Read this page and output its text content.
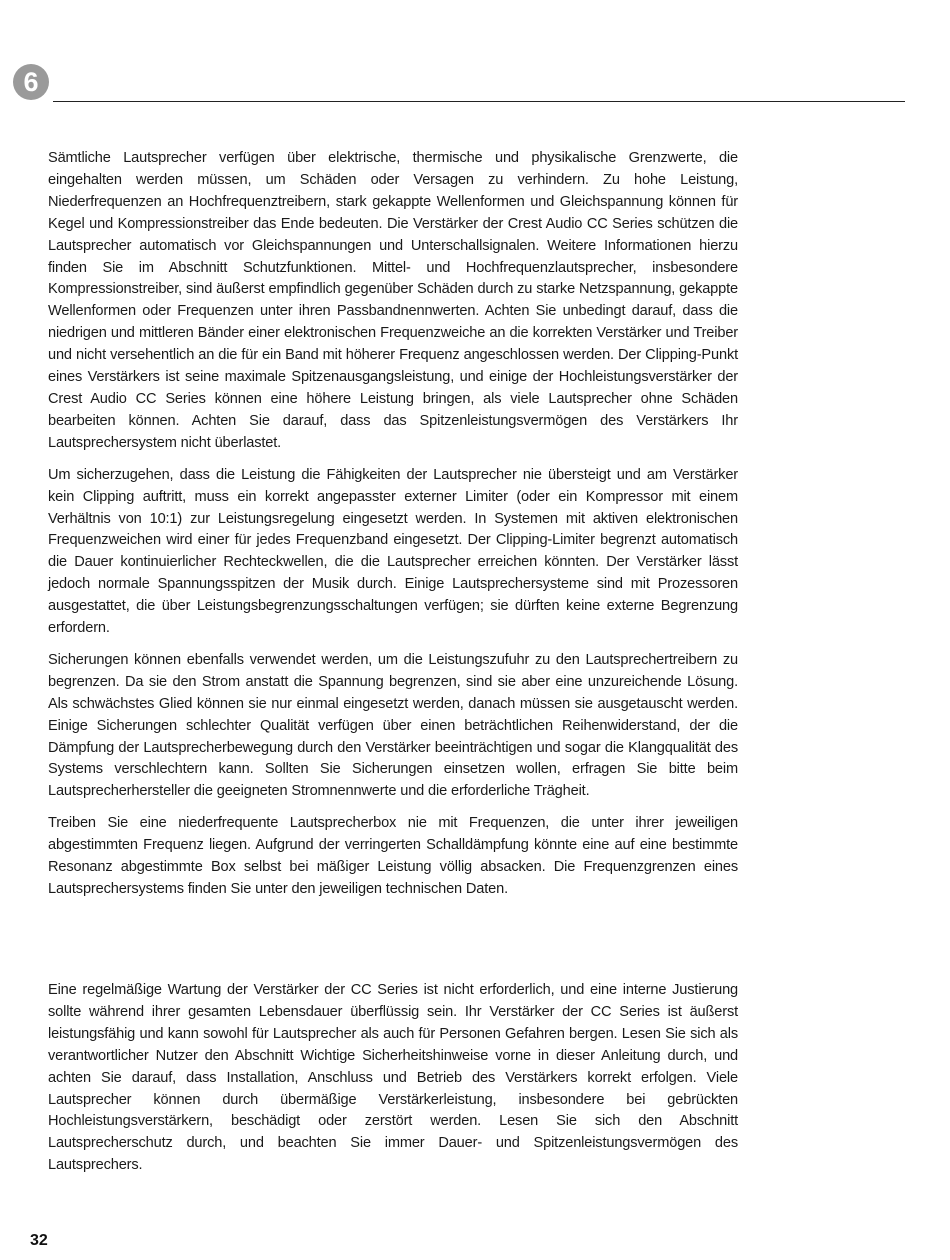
6

Sämtliche Lautsprecher verfügen über elektrische, thermische und physikalische Grenzwerte, die eingehalten werden müssen, um Schäden oder Versagen zu verhindern. Zu hohe Leistung, Niederfrequenzen an Hochfrequenztreibern, stark gekappte Wellenformen und Gleichspannung können für Kegel und Kompressionstreiber das Ende bedeuten. Die Verstärker der Crest Audio CC Series schützen die Lautsprecher automatisch vor Gleichspannungen und Unterschallsignalen. Weitere Informationen hierzu finden Sie im Abschnitt Schutzfunktionen. Mittel- und Hochfrequenzlautsprecher, insbesondere Kompressionstreiber, sind äußerst empfindlich gegenüber Schäden durch zu starke Netzspannung, gekappte Wellenformen oder Frequenzen unter ihren Passbandnennwerten. Achten Sie unbedingt darauf, dass die niedrigen und mittleren Bänder einer elektronischen Frequenzweiche an die korrekten Verstärker und Treiber und nicht versehentlich an die für ein Band mit höherer Frequenz angeschlossen werden. Der Clipping-Punkt eines Verstärkers ist seine maximale Spitzenausgangsleistung, und einige der Hochleistungsverstärker der Crest Audio CC Series können eine höhere Leistung bringen, als viele Lautsprecher ohne Schäden bearbeiten können. Achten Sie darauf, dass das Spitzenleistungsvermögen des Verstärkers Ihr Lautsprechersystem nicht überlastet.

Um sicherzugehen, dass die Leistung die Fähigkeiten der Lautsprecher nie übersteigt und am Verstärker kein Clipping auftritt, muss ein korrekt angepasster externer Limiter (oder ein Kompressor mit einem Verhältnis von 10:1) zur Leistungsregelung eingesetzt werden. In Systemen mit aktiven elektronischen Frequenzweichen wird einer für jedes Frequenzband eingesetzt. Der Clipping-Limiter begrenzt automatisch die Dauer kontinuierlicher Rechteckwellen, die die Lautsprecher erreichen könnten. Der Verstärker lässt jedoch normale Spannungsspitzen der Musik durch. Einige Lautsprechersysteme sind mit Prozessoren ausgestattet, die über Leistungsbegrenzungsschaltungen verfügen; sie dürften keine externe Begrenzung erfordern.

Sicherungen können ebenfalls verwendet werden, um die Leistungszufuhr zu den Lautsprechertreibern zu begrenzen. Da sie den Strom anstatt die Spannung begrenzen, sind sie aber eine unzureichende Lösung. Als schwächstes Glied können sie nur einmal eingesetzt werden, danach müssen sie ausgetauscht werden. Einige Sicherungen schlechter Qualität verfügen über einen beträchtlichen Reihenwiderstand, der die Dämpfung der Lautsprecherbewegung durch den Verstärker beeinträchtigen und sogar die Klangqualität des Systems verschlechtern kann. Sollten Sie Sicherungen einsetzen wollen, erfragen Sie bitte beim Lautsprecherhersteller die geeigneten Stromnennwerte und die erforderliche Trägheit.

Treiben Sie eine niederfrequente Lautsprecherbox nie mit Frequenzen, die unter ihrer jeweiligen abgestimmten Frequenz liegen. Aufgrund der verringerten Schalldämpfung könnte eine auf eine bestimmte Resonanz abgestimmte Box selbst bei mäßiger Leistung völlig absacken. Die Frequenzgrenzen eines Lautsprechersystems finden Sie unter den jeweiligen technischen Daten.

Eine regelmäßige Wartung der Verstärker der CC Series ist nicht erforderlich, und eine interne Justierung sollte während ihrer gesamten Lebensdauer überflüssig sein. Ihr Verstärker der CC Series ist äußerst leistungsfähig und kann sowohl für Lautsprecher als auch für Personen Gefahren bergen. Lesen Sie sich als verantwortlicher Nutzer den Abschnitt Wichtige Sicherheitshinweise vorne in dieser Anleitung durch, und achten Sie darauf, dass Installation, Anschluss und Betrieb des Verstärkers korrekt erfolgen. Viele Lautsprecher können durch übermäßige Verstärkerleistung, insbesondere bei gebrückten Hochleistungsverstärkern, beschädigt oder zerstört werden. Lesen Sie sich den Abschnitt Lautsprecherschutz durch, und beachten Sie immer Dauer- und Spitzenleistungsvermögen des Lautsprechers.

32
